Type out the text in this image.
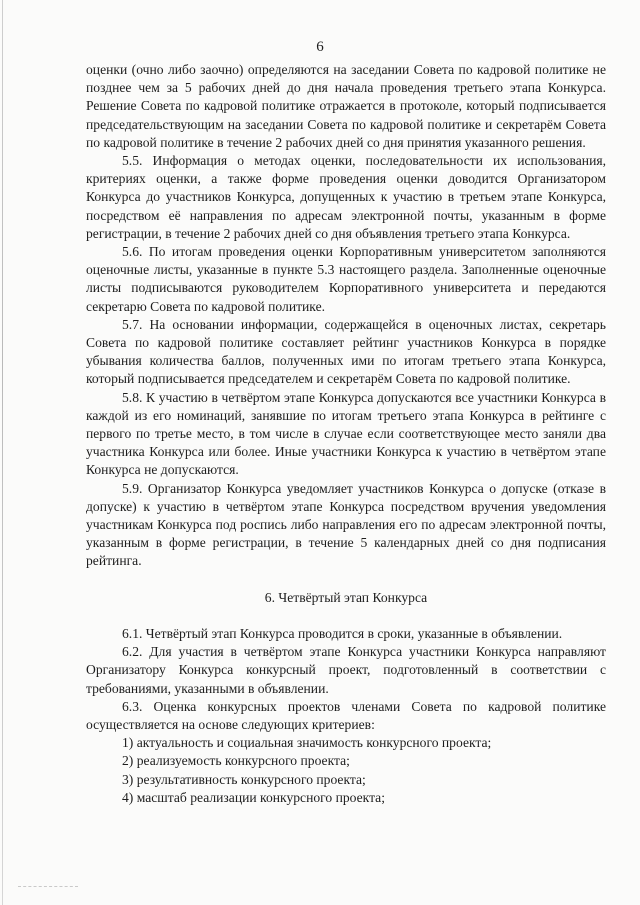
6

оценки (очно либо заочно) определяются на заседании Совета по кадровой политике не позднее чем за 5 рабочих дней до дня начала проведения третьего этапа Конкурса. Решение Совета по кадровой политике отражается в протоколе, который подписывается председательствующим на заседании Совета по кадровой политике и секретарём Совета по кадровой политике в течение 2 рабочих дней со дня принятия указанного решения.

5.5. Информация о методах оценки, последовательности их использования, критериях оценки, а также форме проведения оценки доводится Организатором Конкурса до участников Конкурса, допущенных к участию в третьем этапе Конкурса, посредством её направления по адресам электронной почты, указанным в форме регистрации, в течение 2 рабочих дней со дня объявления третьего этапа Конкурса.

5.6. По итогам проведения оценки Корпоративным университетом заполняются оценочные листы, указанные в пункте 5.3 настоящего раздела. Заполненные оценочные листы подписываются руководителем Корпоративного университета и передаются секретарю Совета по кадровой политике.

5.7. На основании информации, содержащейся в оценочных листах, секретарь Совета по кадровой политике составляет рейтинг участников Конкурса в порядке убывания количества баллов, полученных ими по итогам третьего этапа Конкурса, который подписывается председателем и секретарём Совета по кадровой политике.

5.8. К участию в четвёртом этапе Конкурса допускаются все участники Конкурса в каждой из его номинаций, занявшие по итогам третьего этапа Конкурса в рейтинге с первого по третье место, в том числе в случае если соответствующее место заняли два участника Конкурса или более. Иные участники Конкурса к участию в четвёртом этапе Конкурса не допускаются.

5.9. Организатор Конкурса уведомляет участников Конкурса о допуске (отказе в допуске) к участию в четвёртом этапе Конкурса посредством вручения уведомления участникам Конкурса под роспись либо направления его по адресам электронной почты, указанным в форме регистрации, в течение 5 календарных дней со дня подписания рейтинга.

6. Четвёртый этап Конкурса

6.1. Четвёртый этап Конкурса проводится в сроки, указанные в объявлении.

6.2. Для участия в четвёртом этапе Конкурса участники Конкурса направляют Организатору Конкурса конкурсный проект, подготовленный в соответствии с требованиями, указанными в объявлении.

6.3. Оценка конкурсных проектов членами Совета по кадровой политике осуществляется на основе следующих критериев:

1) актуальность и социальная значимость конкурсного проекта;

2) реализуемость конкурсного проекта;

3) результативность конкурсного проекта;

4) масштаб реализации конкурсного проекта;
